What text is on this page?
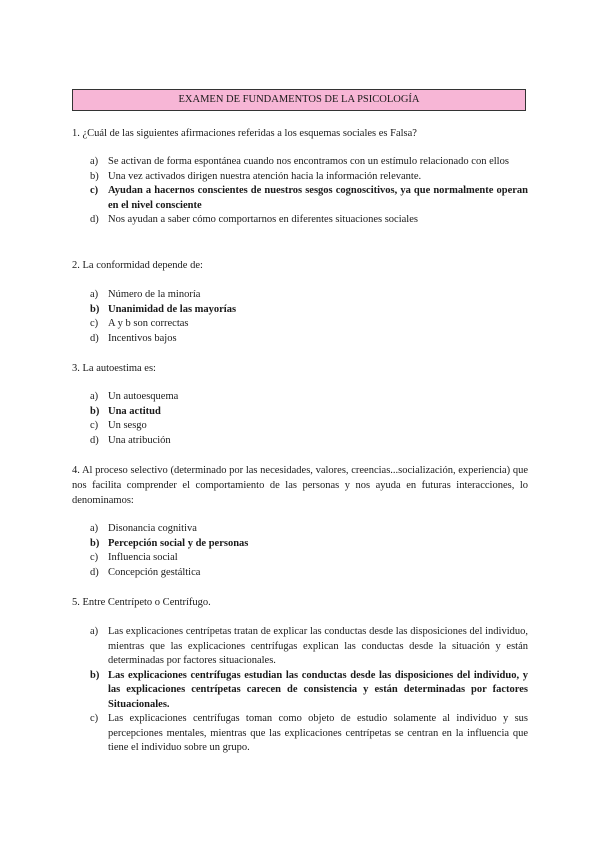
EXAMEN DE FUNDAMENTOS DE LA PSICOLOGÍA
1. ¿Cuál de las siguientes afirmaciones referidas a los esquemas sociales es Falsa?
a) Se activan de forma espontánea cuando nos encontramos con un estímulo relacionado con ellos
b) Una vez activados dirigen nuestra atención hacia la información relevante.
c) Ayudan a hacernos conscientes de nuestros sesgos cognoscitivos, ya que normalmente operan en el nivel consciente
d) Nos ayudan a saber cómo comportarnos en diferentes situaciones sociales
2. La conformidad depende de:
a) Número de la minoría
b) Unanimidad de las mayorías
c) A y b son correctas
d) Incentivos bajos
3. La autoestima es:
a) Un autoesquema
b) Una actitud
c) Un sesgo
d) Una atribución
4. Al proceso selectivo (determinado por las necesidades, valores, creencias...socialización, experiencia) que nos facilita comprender el comportamiento de las personas y nos ayuda en futuras interacciones, lo denominamos:
a) Disonancia cognitiva
b) Percepción social y de personas
c) Influencia social
d) Concepción gestáltica
5. Entre Centrípeto o Centrífugo.
a) Las explicaciones centrípetas tratan de explicar las conductas desde las disposiciones del individuo, mientras que las explicaciones centrífugas explican las conductas desde la situación y están determinadas por factores situacionales.
b) Las explicaciones centrífugas estudian las conductas desde las disposiciones del individuo, y las explicaciones centrípetas carecen de consistencia y están determinadas por factores Situacionales.
c) Las explicaciones centrífugas toman como objeto de estudio solamente al individuo y sus percepciones mentales, mientras que las explicaciones centrípetas se centran en la influencia que tiene el individuo sobre un grupo.
